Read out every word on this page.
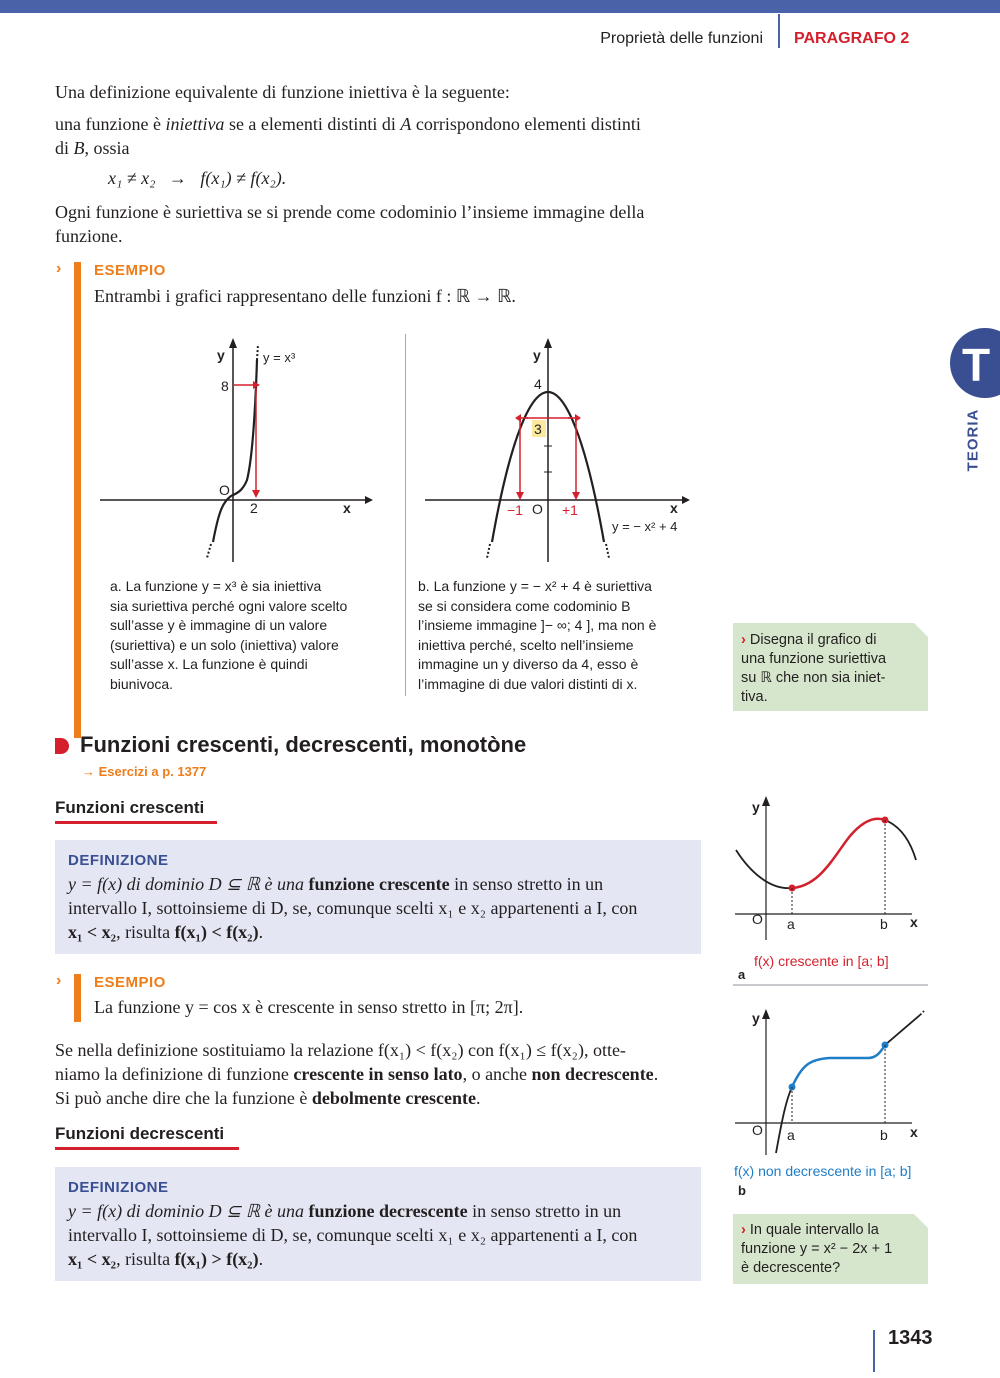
Proprietà delle funzioni PARAGRAFO 2
T
TEORIA
Una definizione equivalente di funzione iniettiva è la seguente:
una funzione è iniettiva se a elementi distinti di A corrispondono elementi distinti
di B, ossia
x₁ ≠ x₂   →   f(x₁) ≠ f(x₂).
Ogni funzione è suriettiva se si prende come codominio l’insieme immagine della
funzione.
› ESEMPIO
Entrambi i grafici rappresentano delle funzioni f : ℝ → ℝ.
y	y = x³
8
O
2	x
y
4
3
O
−1	+1	x
y = − x² + 4
a. La funzione y = x³ è sia iniettiva
sia suriettiva perché ogni valore scelto
sull’asse y è immagine di un valore
(suriettiva) e un solo (iniettiva) valore
sull’asse x. La funzione è quindi
biunivoca.
b. La funzione y = − x² + 4 è suriettiva
se si considera come codominio B
l’insieme immagine ]− ∞; 4 ], ma non è
iniettiva perché, scelto nell’insieme
immagine un y diverso da 4, esso è
l’immagine di due valori distinti di x.
› Disegna il grafico di
una funzione suriettiva
su ℝ che non sia iniet-
tiva.
Funzioni crescenti, decrescenti, monotòne
→ Esercizi a p. 1377
Funzioni crescenti
DEFINIZIONE
y = f(x) di dominio D ⊆ ℝ è una funzione crescente in senso stretto in un
intervallo I, sottoinsieme di D, se, comunque scelti x₁ e x₂ appartenenti a I, con
x₁ < x₂, risulta f(x₁) < f(x₂).
› ESEMPIO
La funzione y = cos x è crescente in senso stretto in [π; 2π].
Se nella definizione sostituiamo la relazione f(x₁) < f(x₂) con f(x₁) ≤ f(x₂), otte-
niamo la definizione di funzione crescente in senso lato, o anche non decrescente.
Si può anche dire che la funzione è debolmente crescente.
Funzioni decrescenti
DEFINIZIONE
y = f(x) di dominio D ⊆ ℝ è una funzione decrescente in senso stretto in un
intervallo I, sottoinsieme di D, se, comunque scelti x₁ e x₂ appartenenti a I, con
x₁ < x₂, risulta f(x₁) > f(x₂).
y
O a	b x
f(x) crescente in [a; b]
a
y
O a	b x
f(x) non decrescente in [a; b]
b
› In quale intervallo la
funzione y = x² − 2x + 1
è decrescente?
1343
